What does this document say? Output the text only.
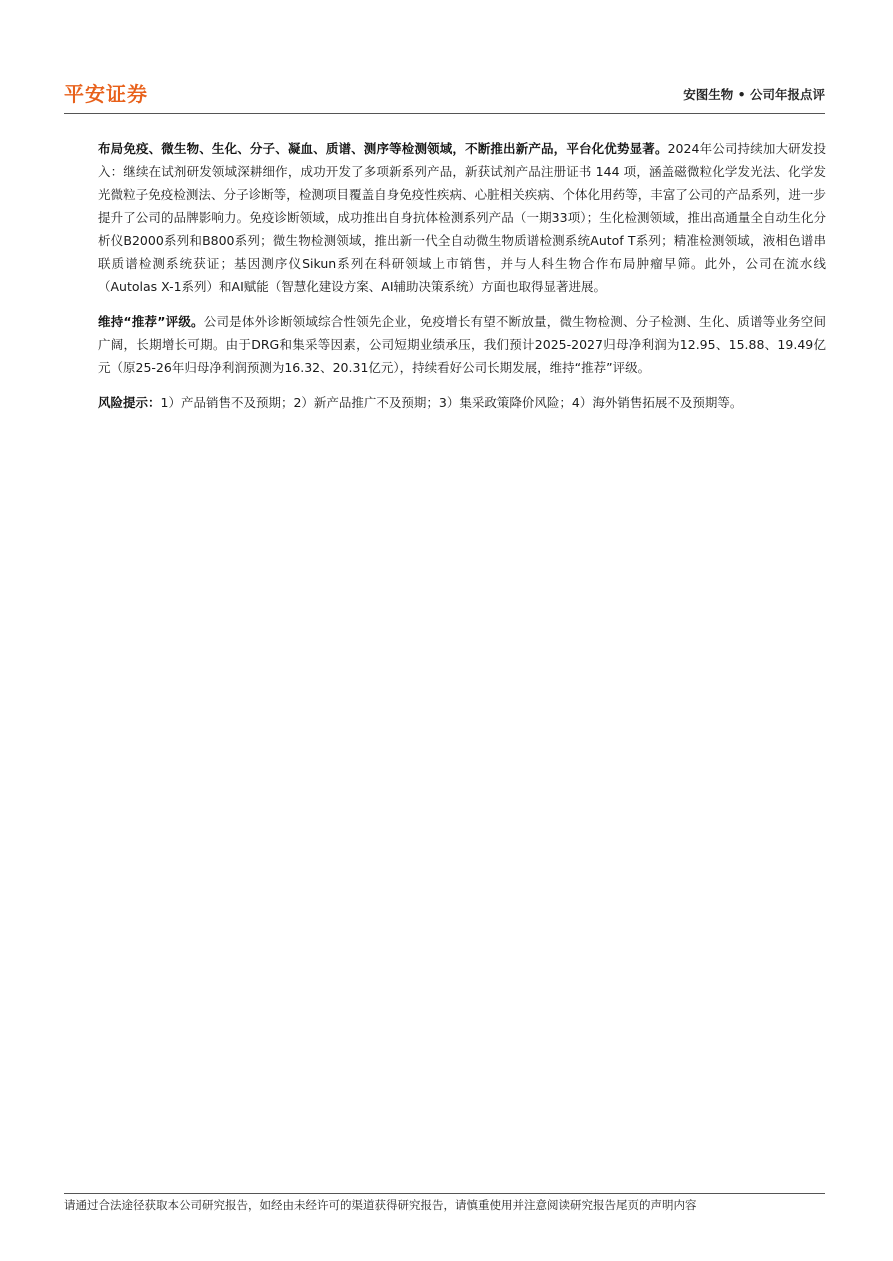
平安证券	安图生物 • 公司年报点评

布局免疫、微生物、生化、分子、凝血、质谱、测序等检测领域，不断推出新产品，平台化优势显著。2024年公司持续加大研发投入：继续在试剂研发领域深耕细作，成功开发了多项新系列产品，新获试剂产品注册证书 144 项，涵盖磁微粒化学发光法、化学发光微粒子免疫检测法、分子诊断等，检测项目覆盖自身免疫性疾病、心脏相关疾病、个体化用药等，丰富了公司的产品系列，进一步提升了公司的品牌影响力。免疫诊断领域，成功推出自身抗体检测系列产品（一期33项）；生化检测领域，推出高通量全自动生化分析仪B2000系列和B800系列；微生物检测领域，推出新一代全自动微生物质谱检测系统Autof T系列；精准检测领域，液相色谱串联质谱检测系统获证；基因测序仪Sikun系列在科研领域上市销售，并与人科生物合作布局肿瘤早筛。此外，公司在流水线（Autolas X-1系列）和AI赋能（智慧化建设方案、AI辅助决策系统）方面也取得显著进展。

维持“推荐”评级。公司是体外诊断领域综合性领先企业，免疫增长有望不断放量，微生物检测、分子检测、生化、质谱等业务空间广阔，长期增长可期。由于DRG和集采等因素，公司短期业绩承压，我们预计2025-2027归母净利润为12.95、15.88、19.49亿元（原25-26年归母净利润预测为16.32、20.31亿元），持续看好公司长期发展，维持“推荐”评级。

风险提示：1）产品销售不及预期；2）新产品推广不及预期；3）集采政策降价风险；4）海外销售拓展不及预期等。

请通过合法途径获取本公司研究报告，如经由未经许可的渠道获得研究报告，请慎重使用并注意阅读研究报告尾页的声明内容
